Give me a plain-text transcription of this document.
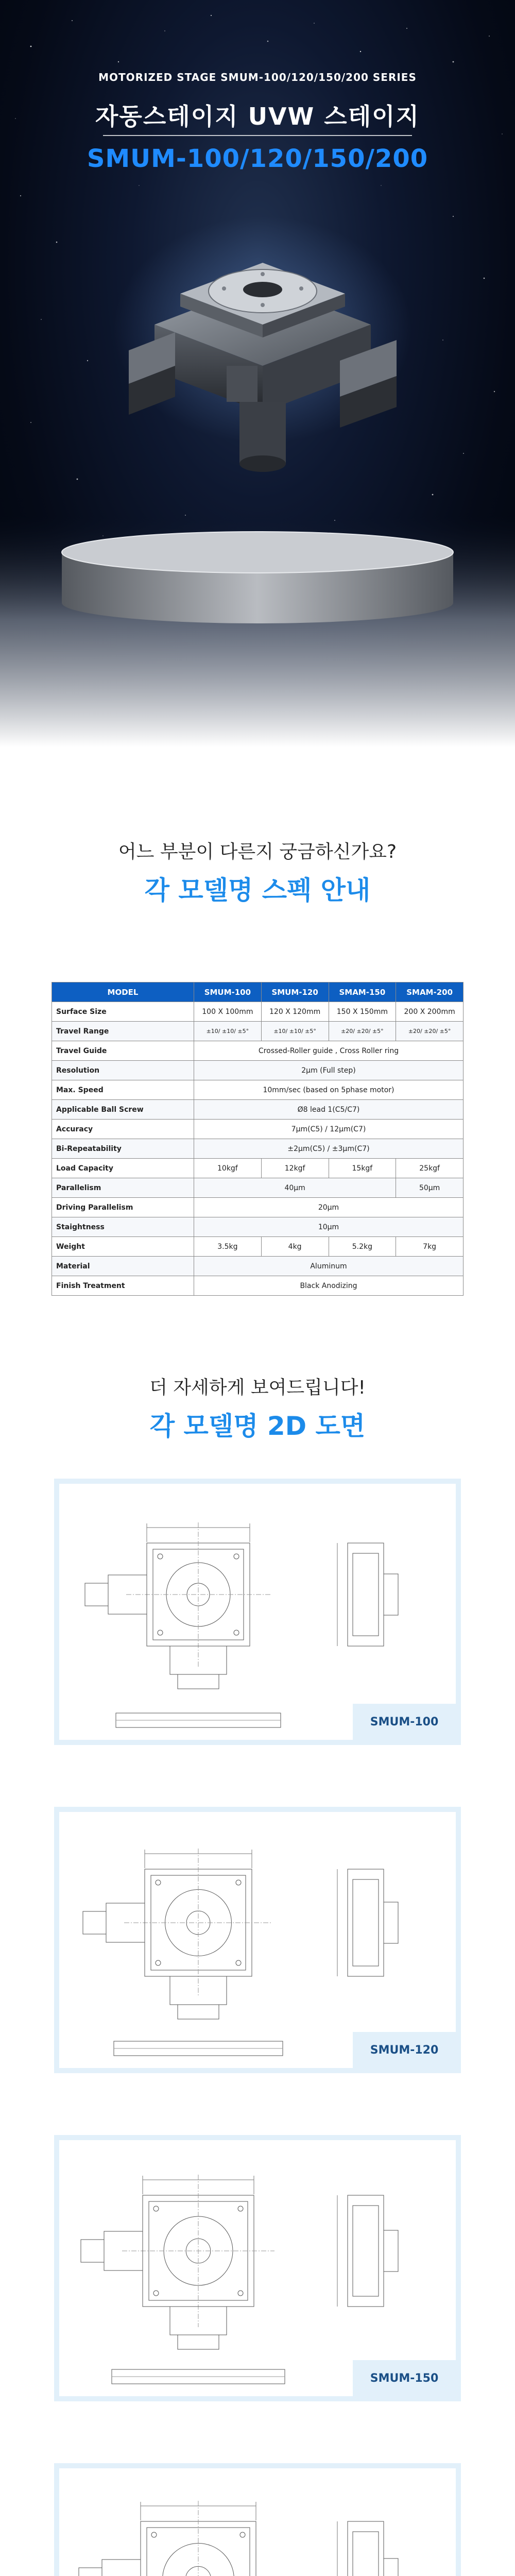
MOTORIZED STAGE SMUM-100/120/150/200 SERIES
자동스테이지 UVW 스테이지
SMUM-100/120/150/200
어느 부분이 다른지 궁금하신가요?
각 모델명 스펙 안내
MODEL	SMUM-100	SMUM-120	SMAM-150	SMAM-200
Surface Size	100 X 100mm	120 X 120mm	150 X 150mm	200 X 200mm
Travel Range	±10/ ±10/ ±5°	±10/ ±10/ ±5°	±20/ ±20/ ±5°	±20/ ±20/ ±5°
Travel Guide	Crossed-Roller guide , Cross Roller ring			
Resolution	2μm (Full step)			
Max. Speed	10mm/sec (based on 5phase motor)			
Applicable Ball Screw	Ø8 lead 1(C5/C7)			
Accuracy	7μm(C5) / 12μm(C7)			
Bi-Repeatability	±2μm(C5) / ±3μm(C7)			
Load Capacity	10kgf	12kgf	15kgf	25kgf
Parallelism	40μm			50μm
Driving Parallelism	20μm			
Staightness	10μm			
Weight	3.5kg	4kg	5.2kg	7kg
Material	Aluminum			
Finish Treatment	Black Anodizing			
더 자세하게 보여드립니다!
각 모델명 2D 도면
SMUM-100
SMUM-120
SMUM-150
